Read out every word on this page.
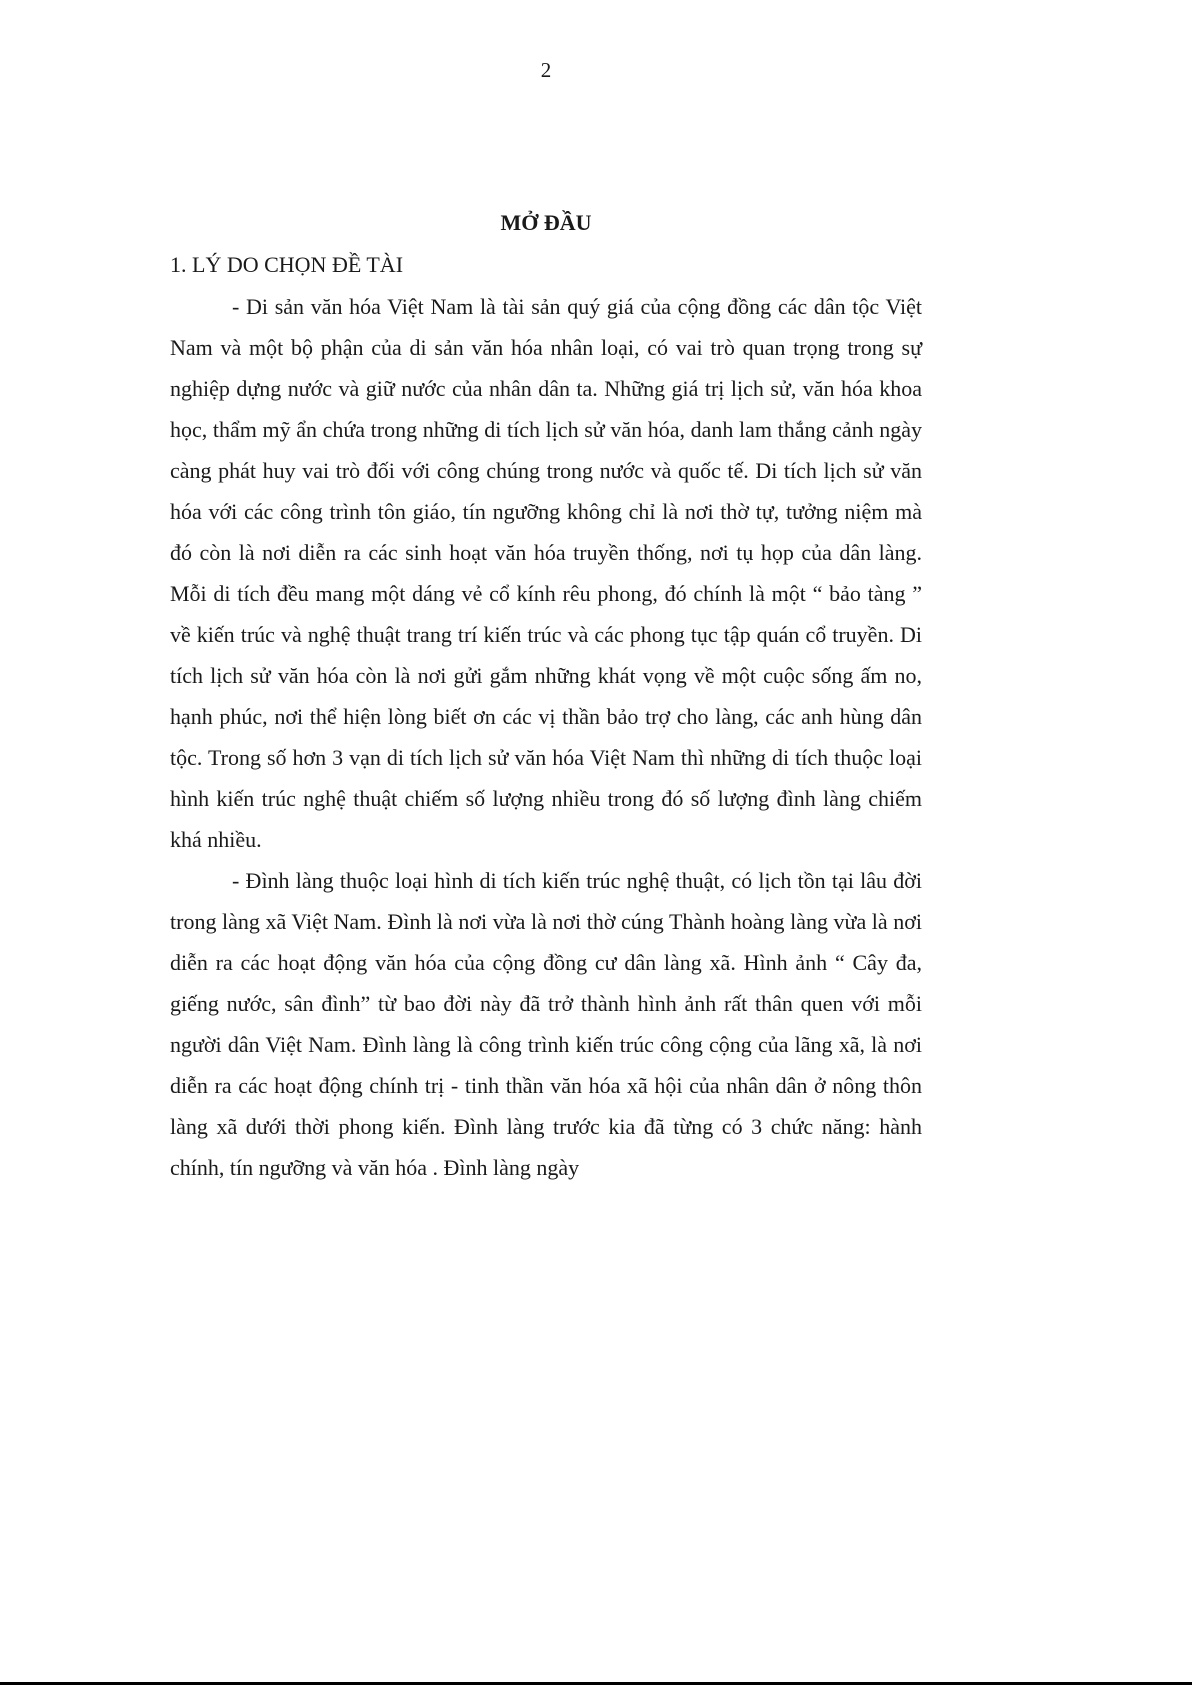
2
MỞ ĐẦU
1. LÝ DO CHỌN ĐỀ TÀI

- Di sản văn hóa Việt Nam là tài sản quý giá của cộng đồng các dân tộc Việt Nam và một bộ phận của di sản văn hóa nhân loại, có vai trò quan trọng trong sự nghiệp dựng nước và giữ nước của nhân dân ta. Những giá trị lịch sử, văn hóa khoa học, thẩm mỹ ẩn chứa trong những di tích lịch sử văn hóa, danh lam thắng cảnh ngày càng phát huy vai trò đối với công chúng trong nước và quốc tế. Di tích lịch sử văn hóa với các công trình tôn giáo, tín ngưỡng không chỉ là nơi thờ tự, tưởng niệm mà đó còn là nơi diễn ra các sinh hoạt văn hóa truyền thống, nơi tụ họp của dân làng. Mỗi di tích đều mang một dáng vẻ cổ kính rêu phong, đó chính là một “ bảo tàng ” về kiến trúc và nghệ thuật trang trí kiến trúc và các phong tục tập quán cổ truyền. Di tích lịch sử văn hóa còn là nơi gửi gắm những khát vọng về một cuộc sống ấm no, hạnh phúc, nơi thể hiện lòng biết ơn các vị thần bảo trợ cho làng, các anh hùng dân tộc. Trong số hơn 3 vạn di tích lịch sử văn hóa Việt Nam thì những di tích thuộc loại hình kiến trúc nghệ thuật chiếm số lượng nhiều trong đó số lượng đình làng chiếm khá nhiều.

- Đình làng thuộc loại hình di tích kiến trúc nghệ thuật, có lịch tồn tại lâu đời trong làng xã Việt Nam. Đình là nơi vừa là nơi thờ cúng Thành hoàng làng vừa là nơi diễn ra các hoạt động văn hóa của cộng đồng cư dân làng xã. Hình ảnh “ Cây đa, giếng nước, sân đình” từ bao đời này đã trở thành hình ảnh rất thân quen với mỗi người dân Việt Nam. Đình làng là công trình kiến trúc công cộng của lãng xã, là nơi diễn ra các hoạt động chính trị - tinh thần văn hóa xã hội của nhân dân ở nông thôn làng xã dưới thời phong kiến. Đình làng trước kia đã từng có 3 chức năng: hành chính, tín ngưỡng và văn hóa . Đình làng ngày
